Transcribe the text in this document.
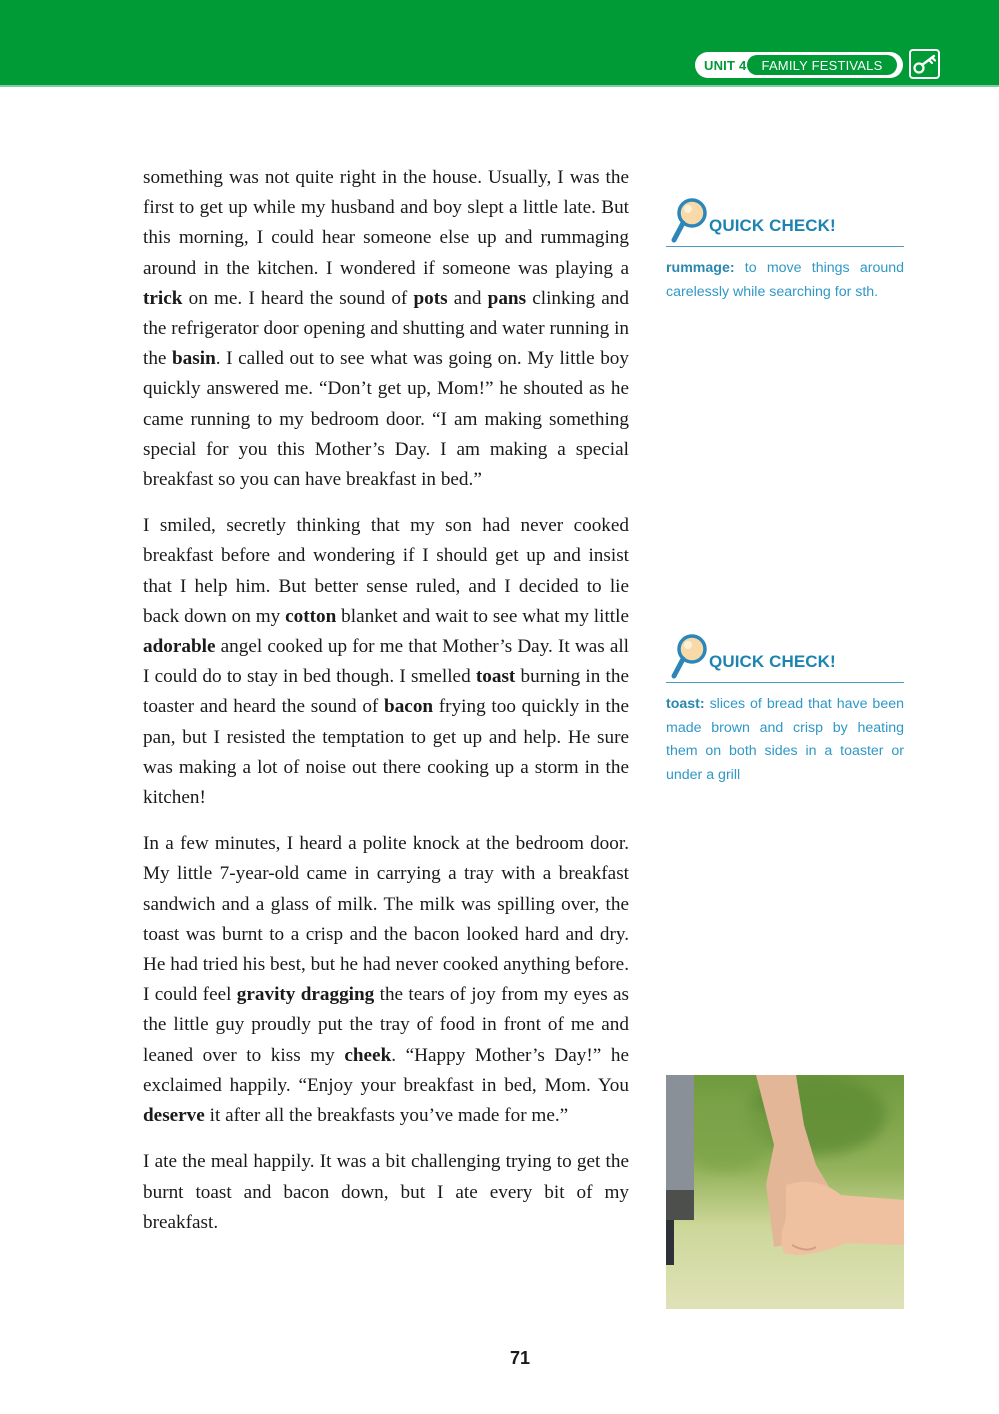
UNIT 4	FAMILY FESTIVALS

something was not quite right in the house. Usually, I was the first to get up while my husband and boy slept a little late. But this morning, I could hear someone else up and rummaging around in the kitchen. I wondered if someone was playing a trick on me. I heard the sound of pots and pans clinking and the refrigerator door opening and shutting and water running in the basin. I called out to see what was going on. My little boy quickly answered me. “Don’t get up, Mom!” he shouted as he came running to my bedroom door. “I am making something special for you this Mother’s Day. I am making a special breakfast so you can have breakfast in bed.”

I smiled, secretly thinking that my son had never cooked breakfast before and wondering if I should get up and insist that I help him. But better sense ruled, and I decided to lie back down on my cotton blanket and wait to see what my little adorable angel cooked up for me that Mother’s Day. It was all I could do to stay in bed though. I smelled toast burning in the toaster and heard the sound of bacon frying too quickly in the pan, but I resisted the temptation to get up and help. He sure was making a lot of noise out there cooking up a storm in the kitchen!

In a few minutes, I heard a polite knock at the bedroom door. My little 7-year-old came in carrying a tray with a breakfast sandwich and a glass of milk. The milk was spilling over, the toast was burnt to a crisp and the bacon looked hard and dry. He had tried his best, but he had never cooked anything before. I could feel gravity dragging the tears of joy from my eyes as the little guy proudly put the tray of food in front of me and leaned over to kiss my cheek. “Happy Mother’s Day!” he exclaimed happily. “Enjoy your breakfast in bed, Mom. You deserve it after all the breakfasts you’ve made for me.”

I ate the meal happily. It was a bit challenging trying to get the burnt toast and bacon down, but I ate every bit of my breakfast.

QUICK CHECK!
rummage: to move things around carelessly while searching for sth.
QUICK CHECK!
toast: slices of bread that have been made brown and crisp by heating them on both sides in a toaster or under a grill
71
